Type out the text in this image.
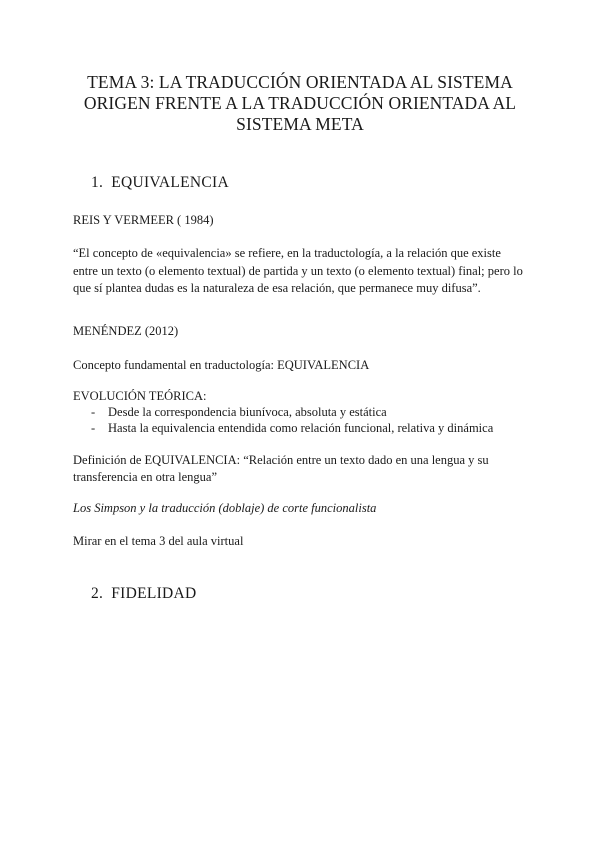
TEMA 3: LA TRADUCCIÓN ORIENTADA AL SISTEMA
ORIGEN FRENTE A LA TRADUCCIÓN ORIENTADA AL
SISTEMA META
1. EQUIVALENCIA

REIS Y VERMEER ( 1984)

“El concepto de «equivalencia» se refiere, en la traductología, a la relación que existe entre un texto (o elemento textual) de partida y un texto (o elemento textual) final; pero lo que sí plantea dudas es la naturaleza de esa relación, que permanece muy difusa”.

MENÉNDEZ (2012)

Concepto fundamental en traductología: EQUIVALENCIA

EVOLUCIÓN TEÓRICA:

- Desde la correspondencia biunívoca, absoluta y estática
- Hasta la equivalencia entendida como relación funcional, relativa y dinámica

Definición de EQUIVALENCIA: “Relación entre un texto dado en una lengua y su transferencia en otra lengua”

Los Simpson y la traducción (doblaje) de corte funcionalista

Mirar en el tema 3 del aula virtual

2. FIDELIDAD
